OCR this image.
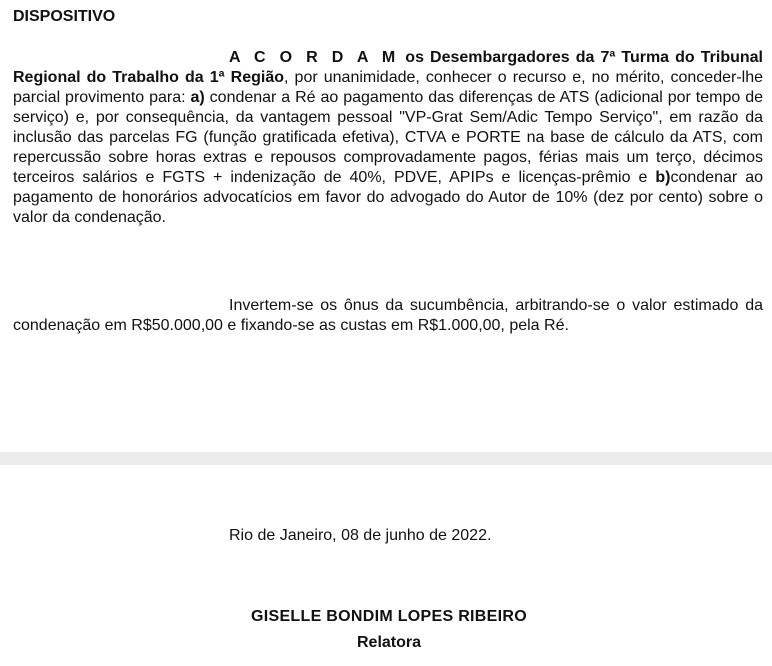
DISPOSITIVO

A C O R D A M os Desembargadores da 7ª Turma do Tribunal Regional do Trabalho da 1ª Região, por unanimidade, conhecer o recurso e, no mérito, conceder-lhe parcial provimento para: a) condenar a Ré ao pagamento das diferenças de ATS (adicional por tempo de serviço) e, por consequência, da vantagem pessoal "VP-Grat Sem/Adic Tempo Serviço", em razão da inclusão das parcelas FG (função gratificada efetiva), CTVA e PORTE na base de cálculo da ATS, com repercussão sobre horas extras e repousos comprovadamente pagos, férias mais um terço, décimos terceiros salários e FGTS + indenização de 40%, PDVE, APIPs e licenças-prêmio e b)condenar ao pagamento de honorários advocatícios em favor do advogado do Autor de 10% (dez por cento) sobre o valor da condenação.

Invertem-se os ônus da sucumbência, arbitrando-se o valor estimado da condenação em R$50.000,00 e fixando-se as custas em R$1.000,00, pela Ré.

Rio de Janeiro, 08 de junho de 2022.

GISELLE BONDIM LOPES RIBEIRO

Relatora
